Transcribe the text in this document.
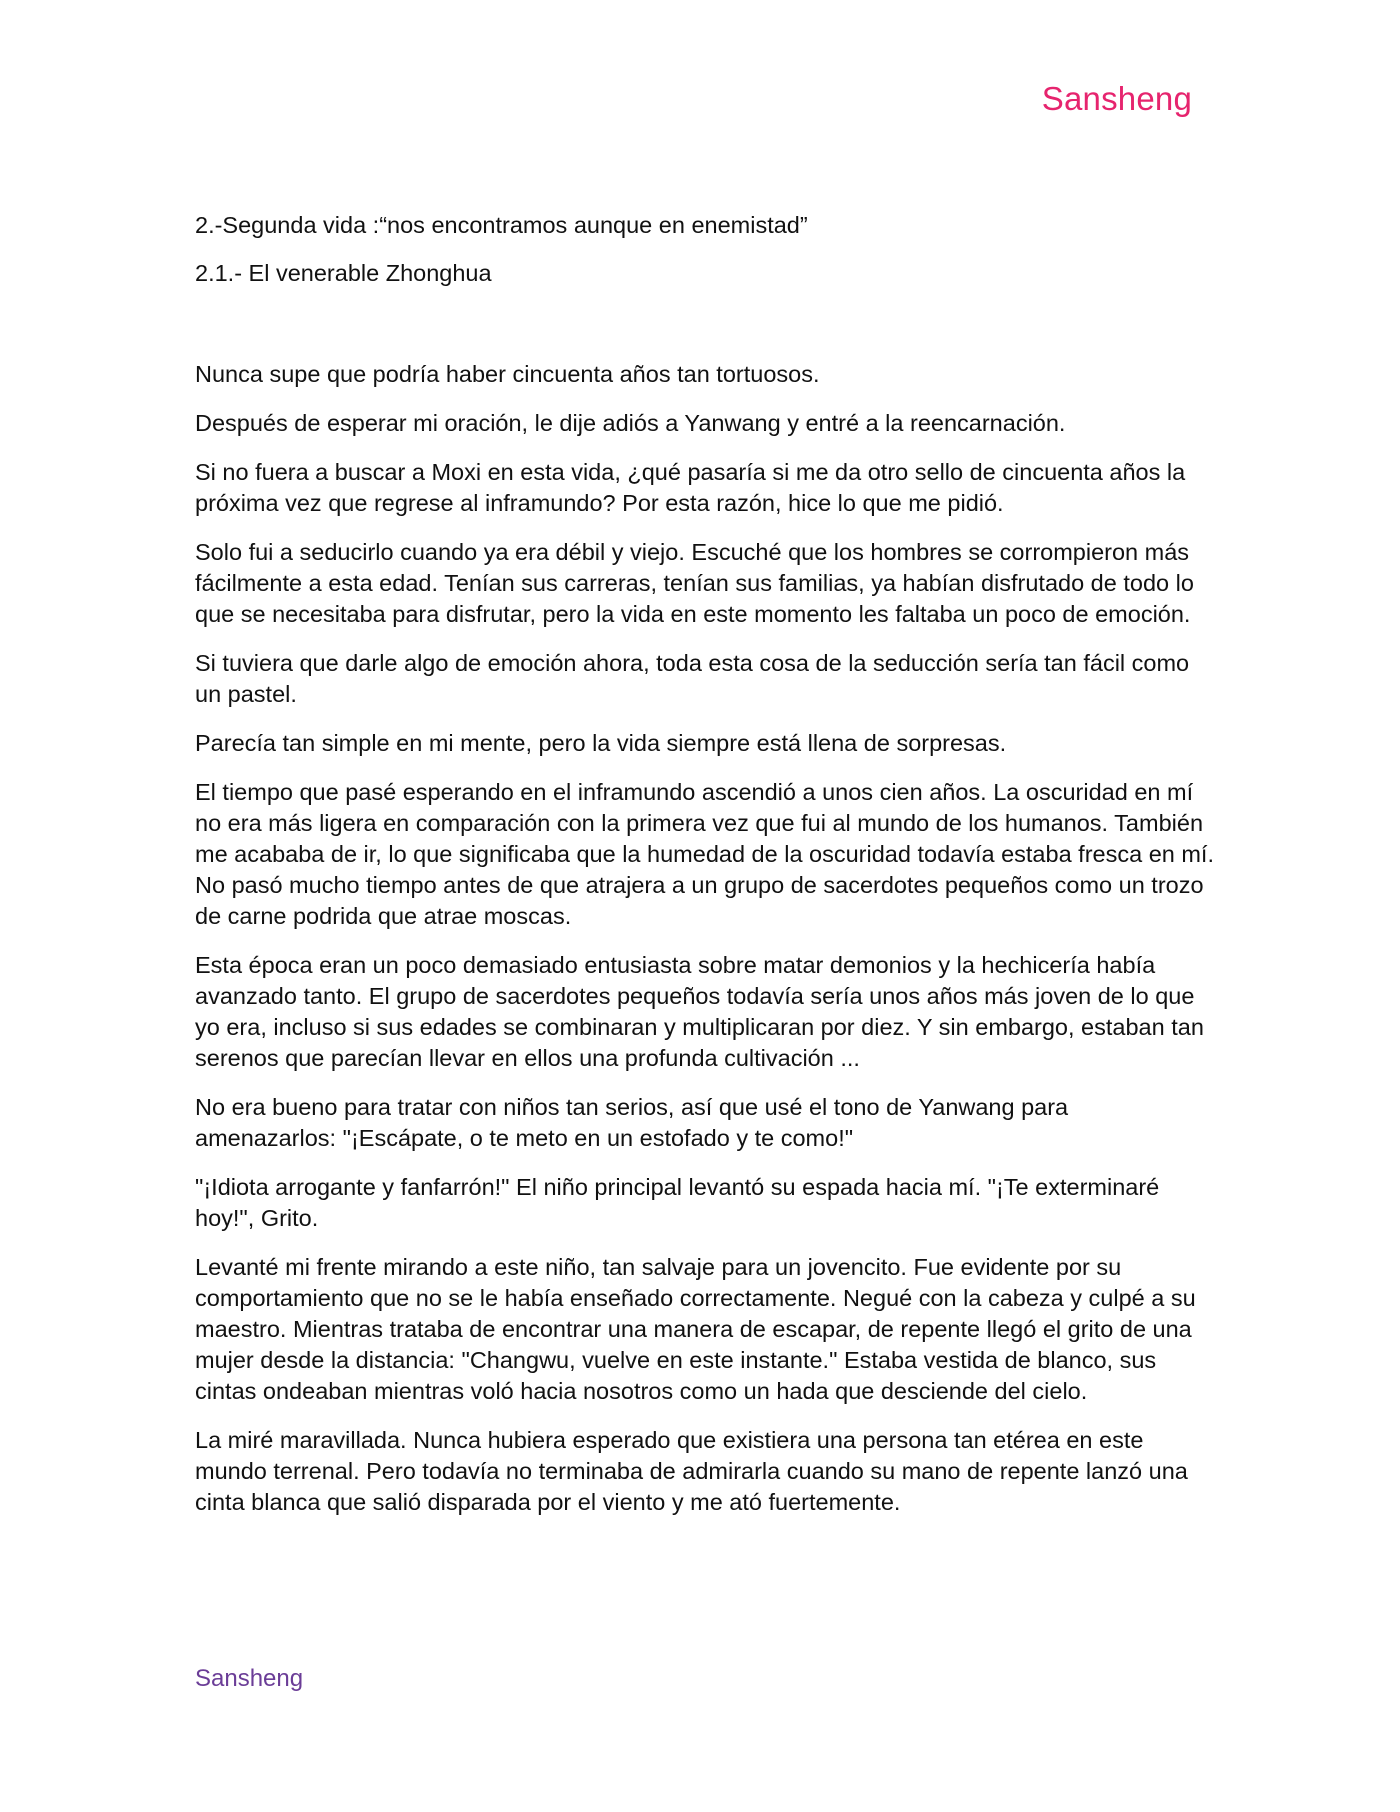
Sansheng
2.-Segunda vida :“nos encontramos aunque en enemistad”
2.1.- El venerable Zhonghua

Nunca supe que podría haber cincuenta años tan tortuosos.

Después de esperar mi oración, le dije adiós a Yanwang y entré a la reencarnación.

Si no fuera a buscar a Moxi en esta vida, ¿qué pasaría si me da otro sello de cincuenta años la próxima vez que regrese al inframundo? Por esta razón, hice lo que me pidió.

Solo fui a seducirlo cuando ya era débil y viejo. Escuché que los hombres se corrompieron más fácilmente a esta edad. Tenían sus carreras, tenían sus familias, ya habían disfrutado de todo lo que se necesitaba para disfrutar, pero la vida en este momento les faltaba un poco de emoción.

Si tuviera que darle algo de emoción ahora, toda esta cosa de la seducción sería tan fácil como un pastel.

Parecía tan simple en mi mente, pero la vida siempre está llena de sorpresas.

El tiempo que pasé esperando en el inframundo ascendió a unos cien años. La oscuridad en mí no era más ligera en comparación con la primera vez que fui al mundo de los humanos. También me acababa de ir, lo que significaba que la humedad de la oscuridad todavía estaba fresca en mí. No pasó mucho tiempo antes de que atrajera a un grupo de sacerdotes pequeños como un trozo de carne podrida que atrae moscas.

Esta época eran un poco demasiado entusiasta sobre matar demonios y la hechicería había avanzado tanto. El grupo de sacerdotes pequeños todavía sería unos años más joven de lo que yo era, incluso si sus edades se combinaran y multiplicaran por diez. Y sin embargo, estaban tan serenos que parecían llevar en ellos una profunda cultivación ...

No era bueno para tratar con niños tan serios, así que usé el tono de Yanwang para amenazarlos: "¡Escápate, o te meto en un estofado y te como!"

"¡Idiota arrogante y fanfarrón!" El niño principal levantó su espada hacia mí. "¡Te exterminaré hoy!", Grito.

Levanté mi frente mirando a este niño, tan salvaje para un jovencito. Fue evidente por su comportamiento que no se le había enseñado correctamente. Negué con la cabeza y culpé a su maestro. Mientras trataba de encontrar una manera de escapar, de repente llegó el grito de una mujer desde la distancia: "Changwu, vuelve en este instante." Estaba vestida de blanco, sus cintas ondeaban mientras voló hacia nosotros como un hada que desciende del cielo.

La miré maravillada. Nunca hubiera esperado que existiera una persona tan etérea en este mundo terrenal. Pero todavía no terminaba de admirarla cuando su mano de repente lanzó una cinta blanca que salió disparada por el viento y me ató fuertemente.

Sansheng
